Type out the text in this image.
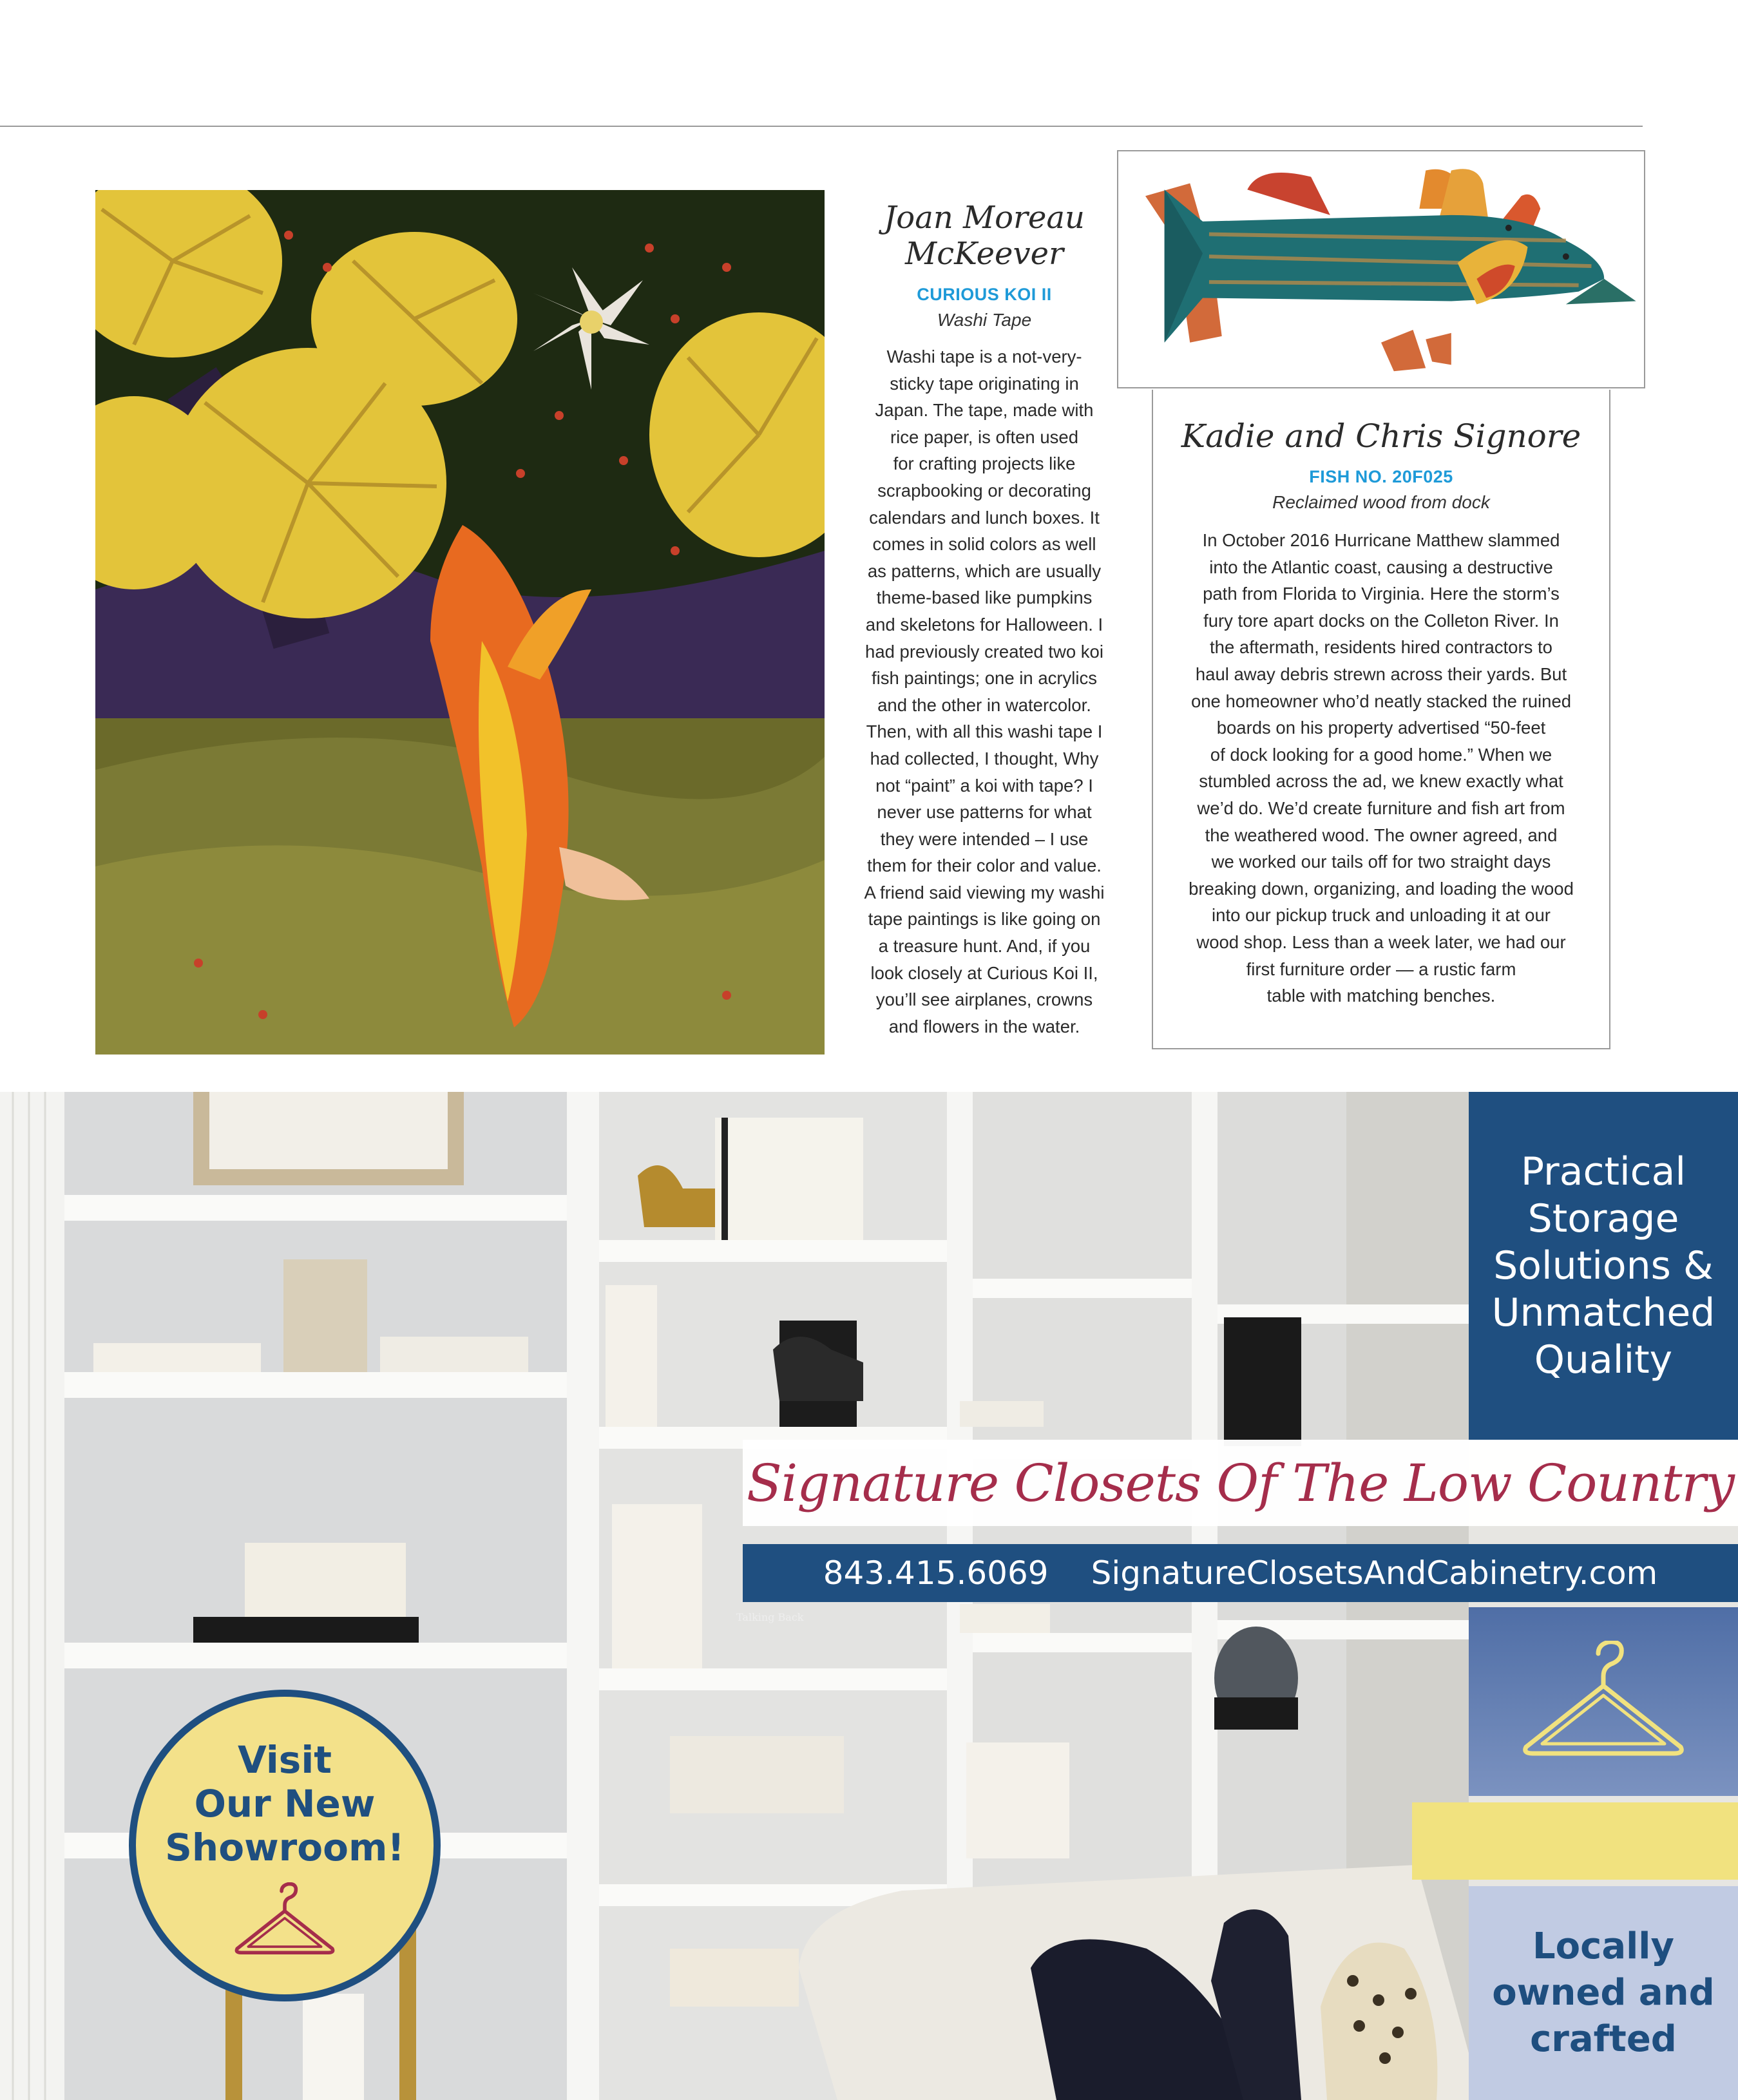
Joan Moreau McKeever
CURIOUS KOI II
Washi Tape
Washi tape is a not-very-
sticky tape originating in
Japan. The tape, made with
rice paper, is often used
for crafting projects like
scrapbooking or decorating
calendars and lunch boxes. It
comes in solid colors as well
as patterns, which are usually
theme-based like pumpkins
and skeletons for Halloween. I
had previously created two koi
fish paintings; one in acrylics
and the other in watercolor.
Then, with all this washi tape I
had collected, I thought, Why
not “paint” a koi with tape? I
never use patterns for what
they were intended – I use
them for their color and value.
A friend said viewing my washi
tape paintings is like going on
a treasure hunt. And, if you
look closely at Curious Koi II,
you’ll see airplanes, crowns
and flowers in the water.
Kadie and Chris Signore
FISH NO. 20F025
Reclaimed wood from dock
In October 2016 Hurricane Matthew slammed
into the Atlantic coast, causing a destructive
path from Florida to Virginia. Here the storm’s
fury tore apart docks on the Colleton River. In
the aftermath, residents hired contractors to
haul away debris strewn across their yards. But
one homeowner who’d neatly stacked the ruined
boards on his property advertised “50-feet
of dock looking for a good home.” When we
stumbled across the ad, we knew exactly what
we’d do. We’d create furniture and fish art from
the weathered wood. The owner agreed, and
we worked our tails off for two straight days
breaking down, organizing, and loading the wood
into our pickup truck and unloading it at our
wood shop. Less than a week later, we had our
first furniture order — a rustic farm
table with matching benches.
Talking Back
Practical
Storage
Solutions &
Unmatched
Quality
Signature Closets Of The Low Country
843.415.6069 SignatureClosetsAndCabinetry.com
Locally
owned and
crafted
Visit
Our New
Showroom!
